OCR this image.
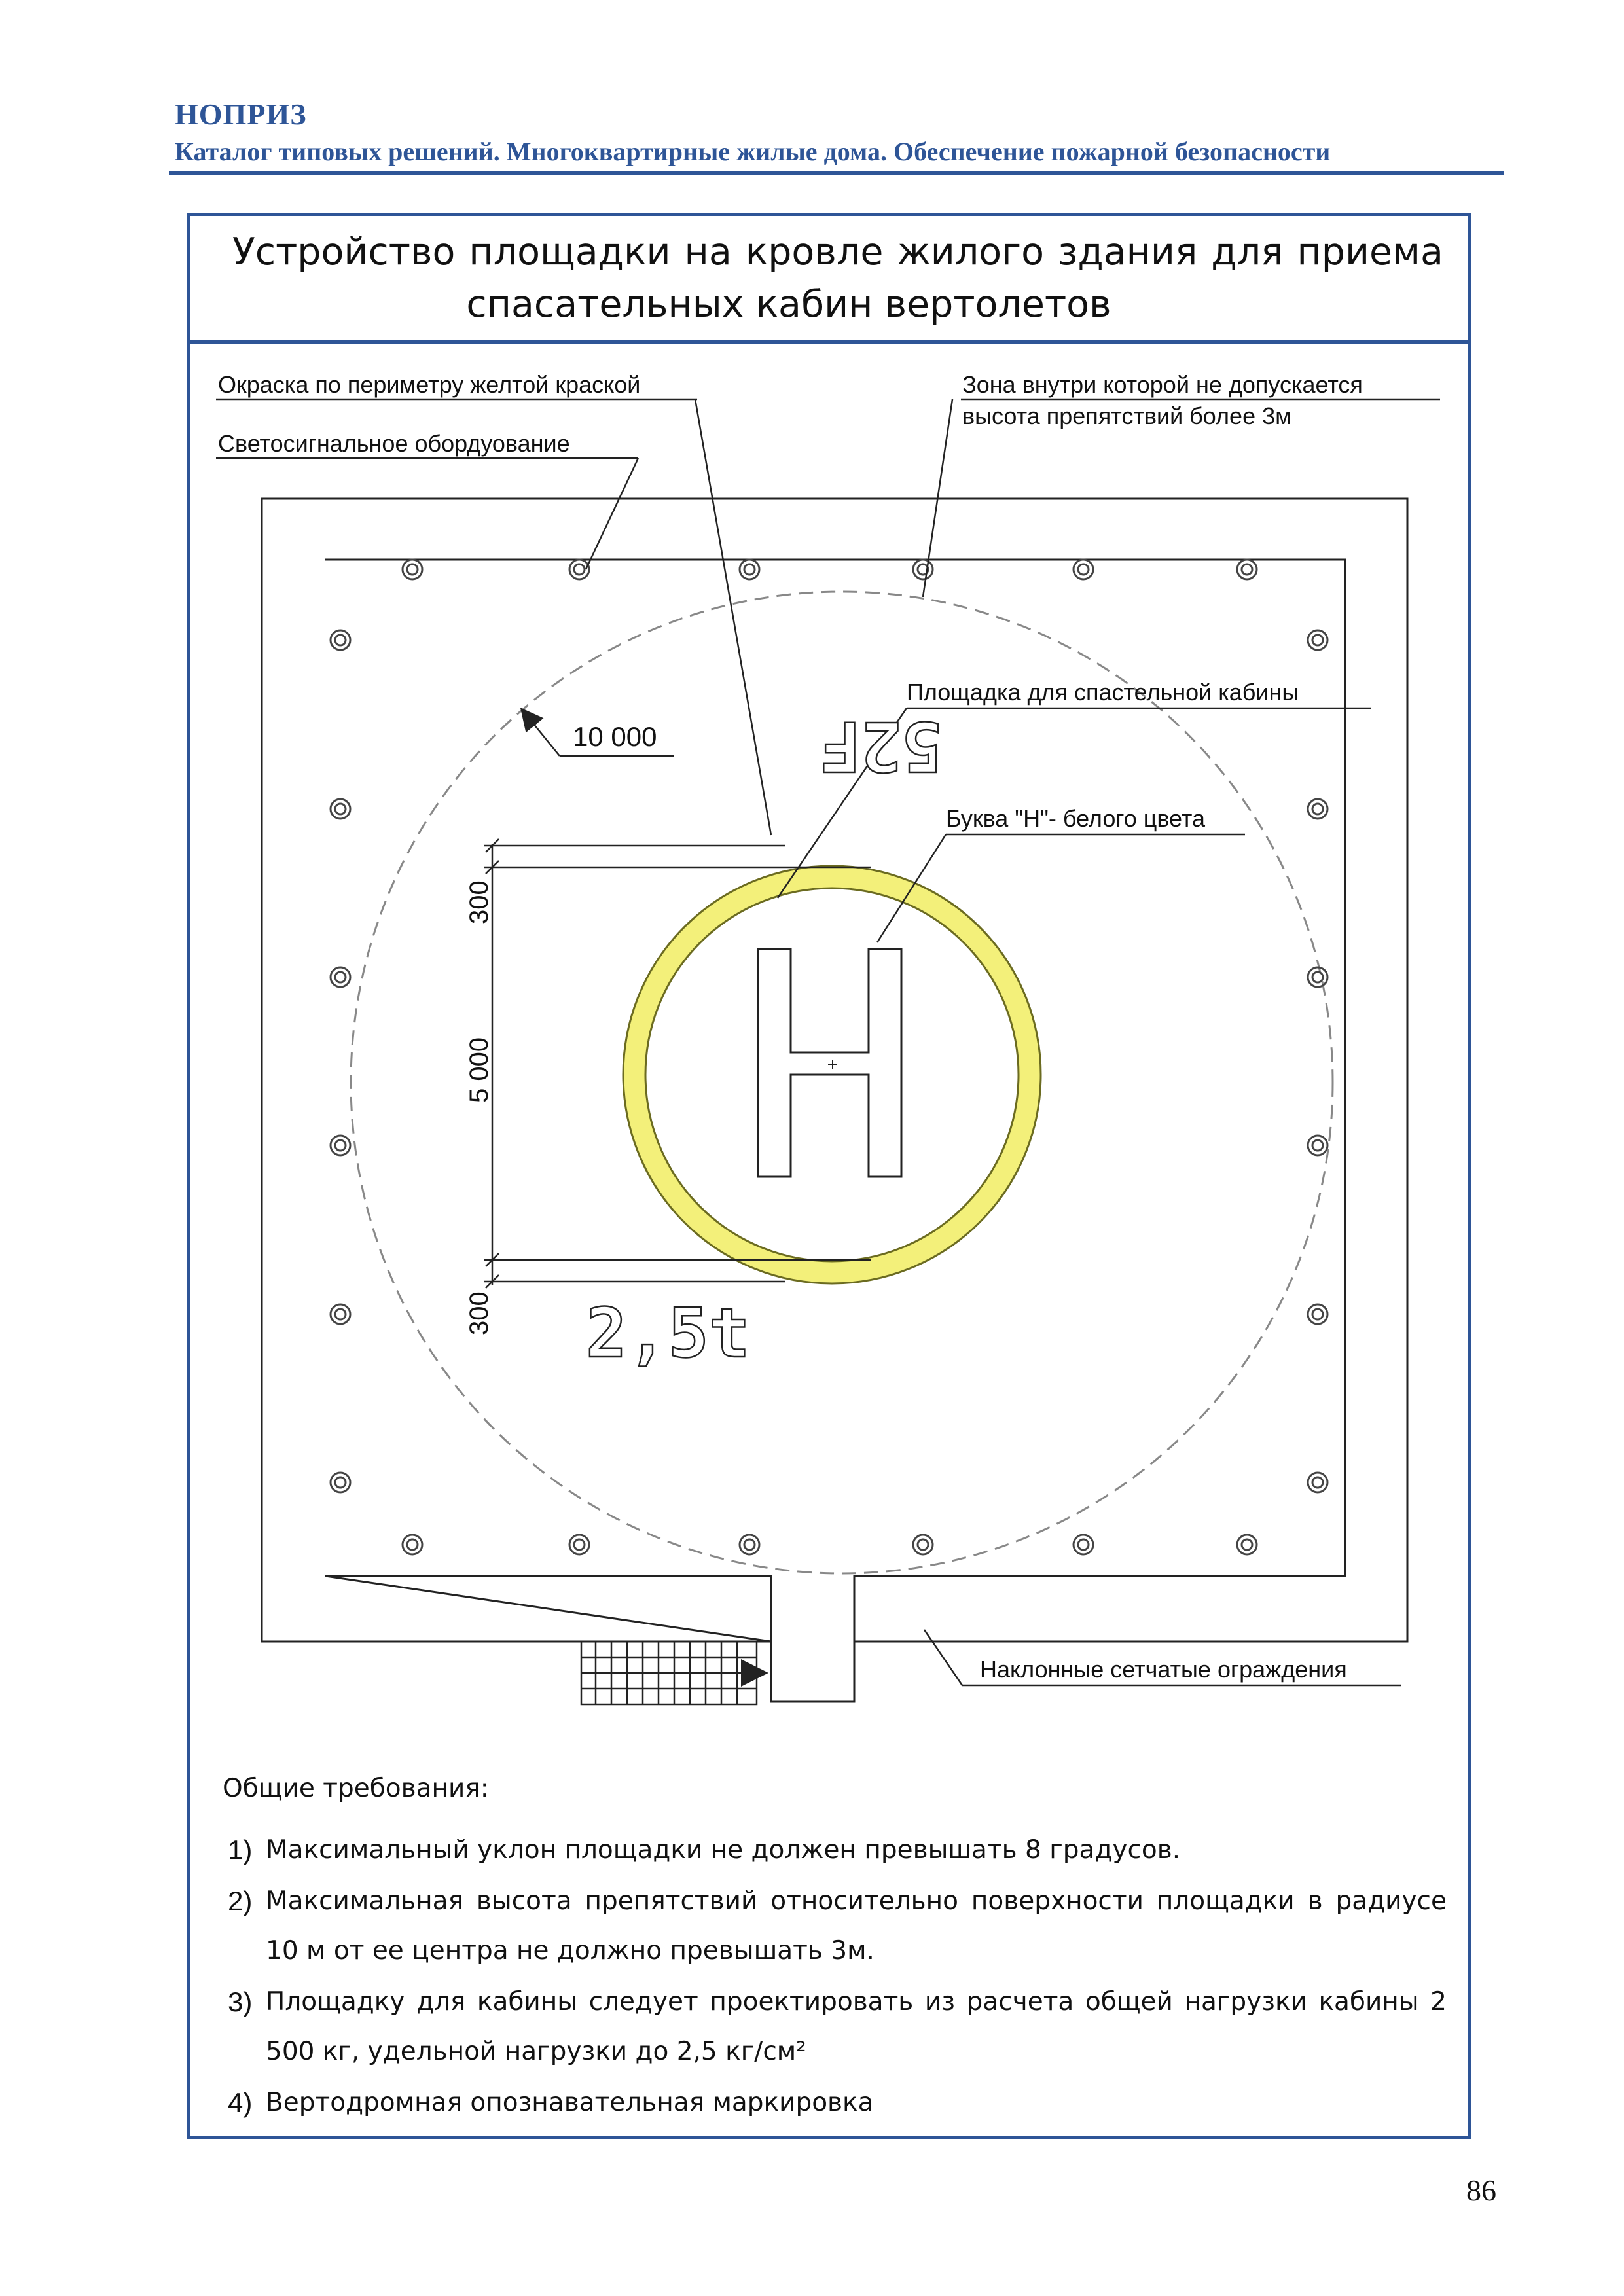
НОПРИЗ
Каталог типовых решений. Многоквартирные жилые дома. Обеспечение пожарной безопасности
Устройство площадки на кровле жилого здания для приема
спасательных кабин вертолетов
Окраска по периметру желтой краской
Светосигнальное обордуование
Зона внутри которой не допускается
высота препятствий более 3м
Площадка для спастельной кабины
Буква "Н"- белого цвета
Наклонные сетчатые ограждения
10 000
300
5 000
300
52F
2,5t
Общие требования:
1) Максимальный уклон площадки не должен превышать 8 градусов.
2) Максимальная высота препятствий относительно поверхности площадки в радиусе 10 м от ее центра не должно превышать 3м.
3) Площадку для кабины следует проектировать из расчета общей нагрузки кабины 2 500 кг, удельной нагрузки до 2,5 кг/см²
4) Вертодромная опознавательная маркировка
86
